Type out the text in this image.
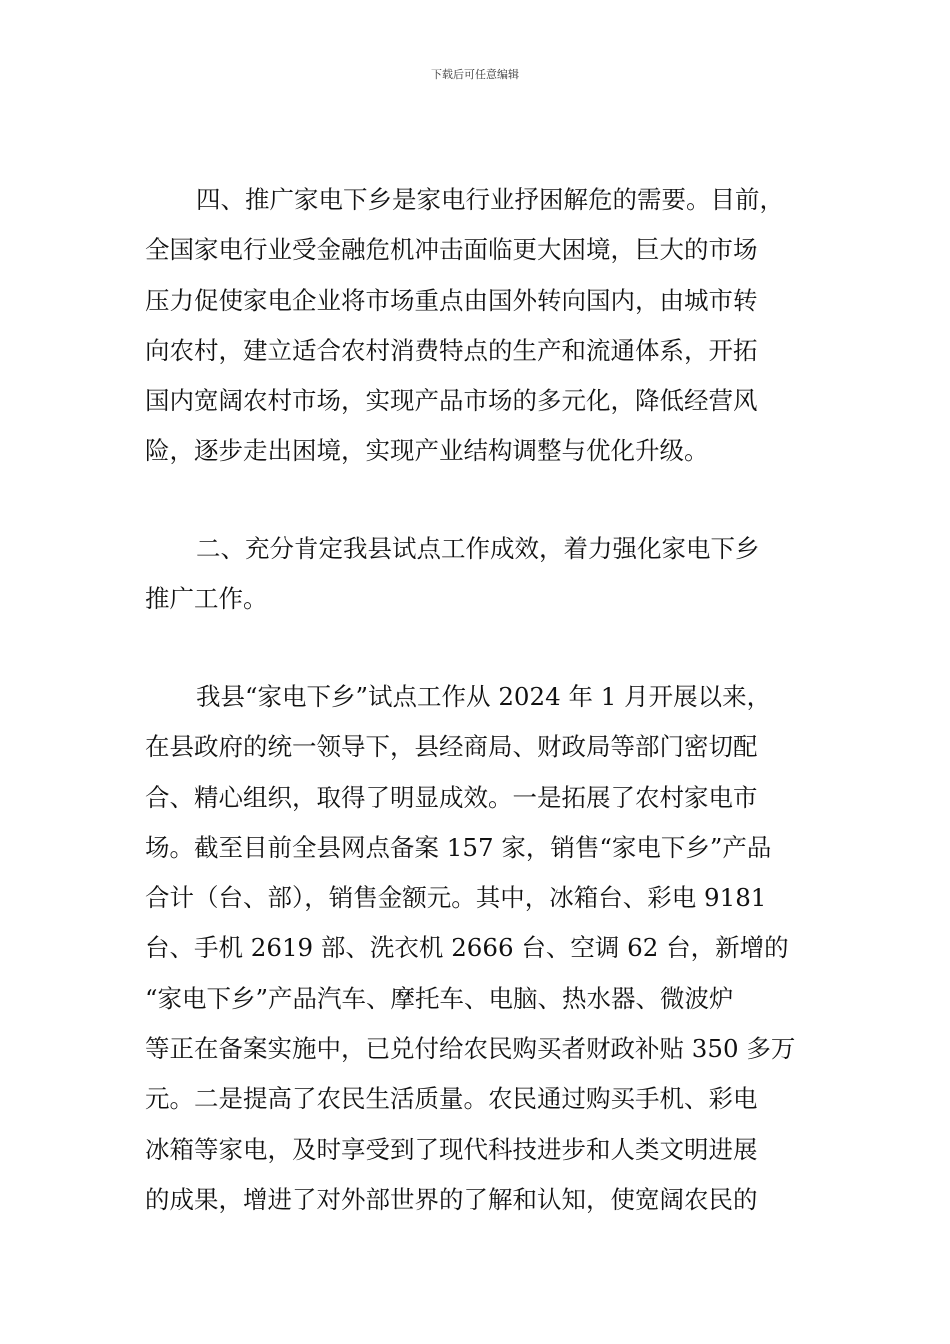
下载后可任意编辑
四、推广家电下乡是家电行业抒困解危的需要。目前，
全国家电行业受金融危机冲击面临更大困境，巨大的市场
压力促使家电企业将市场重点由国外转向国内，由城市转
向农村，建立适合农村消费特点的生产和流通体系，开拓
国内宽阔农村市场，实现产品市场的多元化，降低经营风
险，逐步走出困境，实现产业结构调整与优化升级。
二、充分肯定我县试点工作成效，着力强化家电下乡
推广工作。
我县“家电下乡”试点工作从 2024 年 1 月开展以来，
在县政府的统一领导下，县经商局、财政局等部门密切配
合、精心组织，取得了明显成效。一是拓展了农村家电市
场。截至目前全县网点备案 157 家，销售“家电下乡”产品
合计（台、部），销售金额元。其中，冰箱台、彩电 9181
台、手机 2619 部、洗衣机 2666 台、空调 62 台，新增的
“家电下乡”产品汽车、摩托车、电脑、热水器、微波炉
等正在备案实施中，已兑付给农民购买者财政补贴 350 多万
元。二是提高了农民生活质量。农民通过购买手机、彩电
冰箱等家电，及时享受到了现代科技进步和人类文明进展
的成果，增进了对外部世界的了解和认知，使宽阔农民的
